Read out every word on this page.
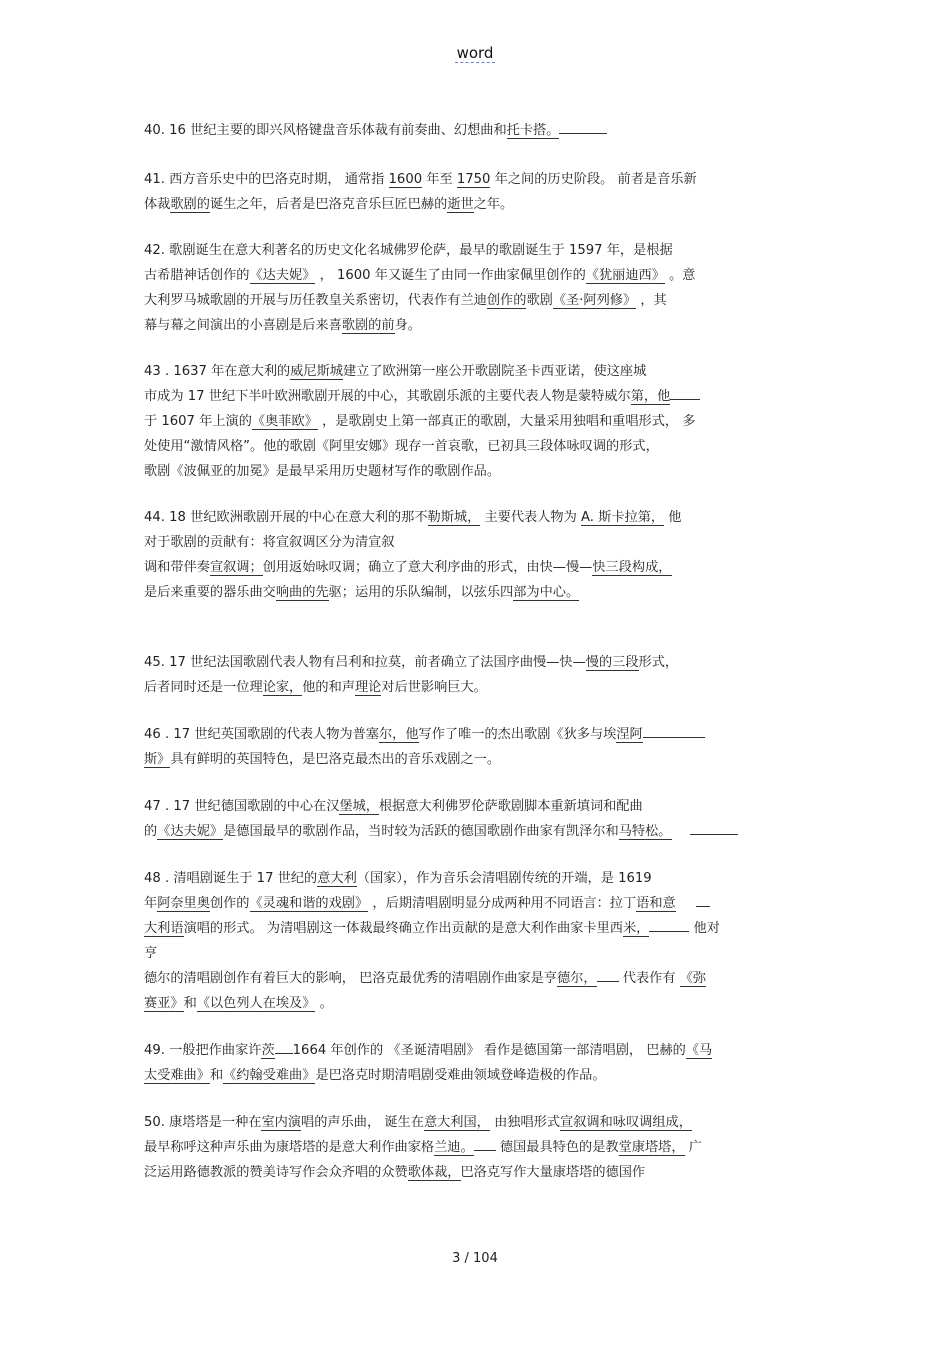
word

40. 16 世纪主要的即兴风格键盘音乐体裁有前奏曲、幻想曲和托卡搭。

41. 西方音乐史中的巴洛克时期， 通常指 1600 年至 1750 年之间的历史阶段。 前者是音乐新
体裁歌剧的诞生之年，后者是巴洛克音乐巨匠巴赫的逝世之年。

42. 歌剧诞生在意大利著名的历史文化名城佛罗伦萨，最早的歌剧诞生于 1597 年，是根据
古希腊神话创作的《达夫妮》 ， 1600 年又诞生了由同一作曲家佩里创作的《犹丽迪西》 。意
大利罗马城歌剧的开展与历任教皇关系密切，代表作有兰迪创作的歌剧《圣·阿列修》 ，其
幕与幕之间演出的小喜剧是后来喜歌剧的前身。

43 . 1637 年在意大利的威尼斯城建立了欧洲第一座公开歌剧院圣卡西亚诺，使这座城
市成为 17 世纪下半叶欧洲歌剧开展的中心，其歌剧乐派的主要代表人物是蒙特威尔第，他
于 1607 年上演的《奥菲欧》 ，是歌剧史上第一部真正的歌剧，大量采用独唱和重唱形式， 多
处使用“激情风格”。他的歌剧《阿里安娜》现存一首哀歌，已初具三段体咏叹调的形式，
歌剧《波佩亚的加冕》是最早采用历史题材写作的歌剧作品。

44. 18 世纪欧洲歌剧开展的中心在意大利的那不勒斯城， 主要代表人物为 A. 斯卡拉第， 他
对于歌剧的贡献有：将宣叙调区分为清宣叙
调和带伴奏宣叙调；创用返始咏叹调；确立了意大利序曲的形式，由快—慢—快三段构成，
是后来重要的器乐曲交响曲的先驱；运用的乐队编制，以弦乐四部为中心。

45. 17 世纪法国歌剧代表人物有吕利和拉莫，前者确立了法国序曲慢—快—慢的三段形式，
后者同时还是一位理论家，他的和声理论对后世影响巨大。

46 . 17 世纪英国歌剧的代表人物为普塞尔，他写作了唯一的杰出歌剧《狄多与埃涅阿
斯》具有鲜明的英国特色，是巴洛克最杰出的音乐戏剧之一。

47 . 17 世纪德国歌剧的中心在汉堡城，根据意大利佛罗伦萨歌剧脚本重新填词和配曲
的《达夫妮》是德国最早的歌剧作品，当时较为活跃的德国歌剧作曲家有凯泽尔和马特松。

48 . 清唱剧诞生于 17 世纪的意大利（国家），作为音乐会清唱剧传统的开端，是 1619
年阿奈里奥创作的《灵魂和谐的戏剧》 ，后期清唱剧明显分成两种用不同语言：拉丁语和意
大利语演唱的形式。 为清唱剧这一体裁最终确立作出贡献的是意大利作曲家卡里西米，	他对
亨
德尔的清唱剧创作有着巨大的影响， 巴洛克最优秀的清唱剧作曲家是亨德尔， 代表作有 《弥
赛亚》和《以色列人在埃及》 。

49. 一般把作曲家许茨 1664 年创作的 《圣诞清唱剧》 看作是德国第一部清唱剧， 巴赫的《马
太受难曲》和《约翰受难曲》是巴洛克时期清唱剧受难曲领域登峰造极的作品。

50. 康塔塔是一种在室内演唱的声乐曲， 诞生在意大利国， 由独唱形式宣叙调和咏叹调组成，
最早称呼这种声乐曲为康塔塔的是意大利作曲家格兰迪。 德国最具特色的是教堂康塔塔， 广
泛运用路德教派的赞美诗写作会众齐唱的众赞歌体裁，巴洛克写作大量康塔塔的德国作

3 / 104
